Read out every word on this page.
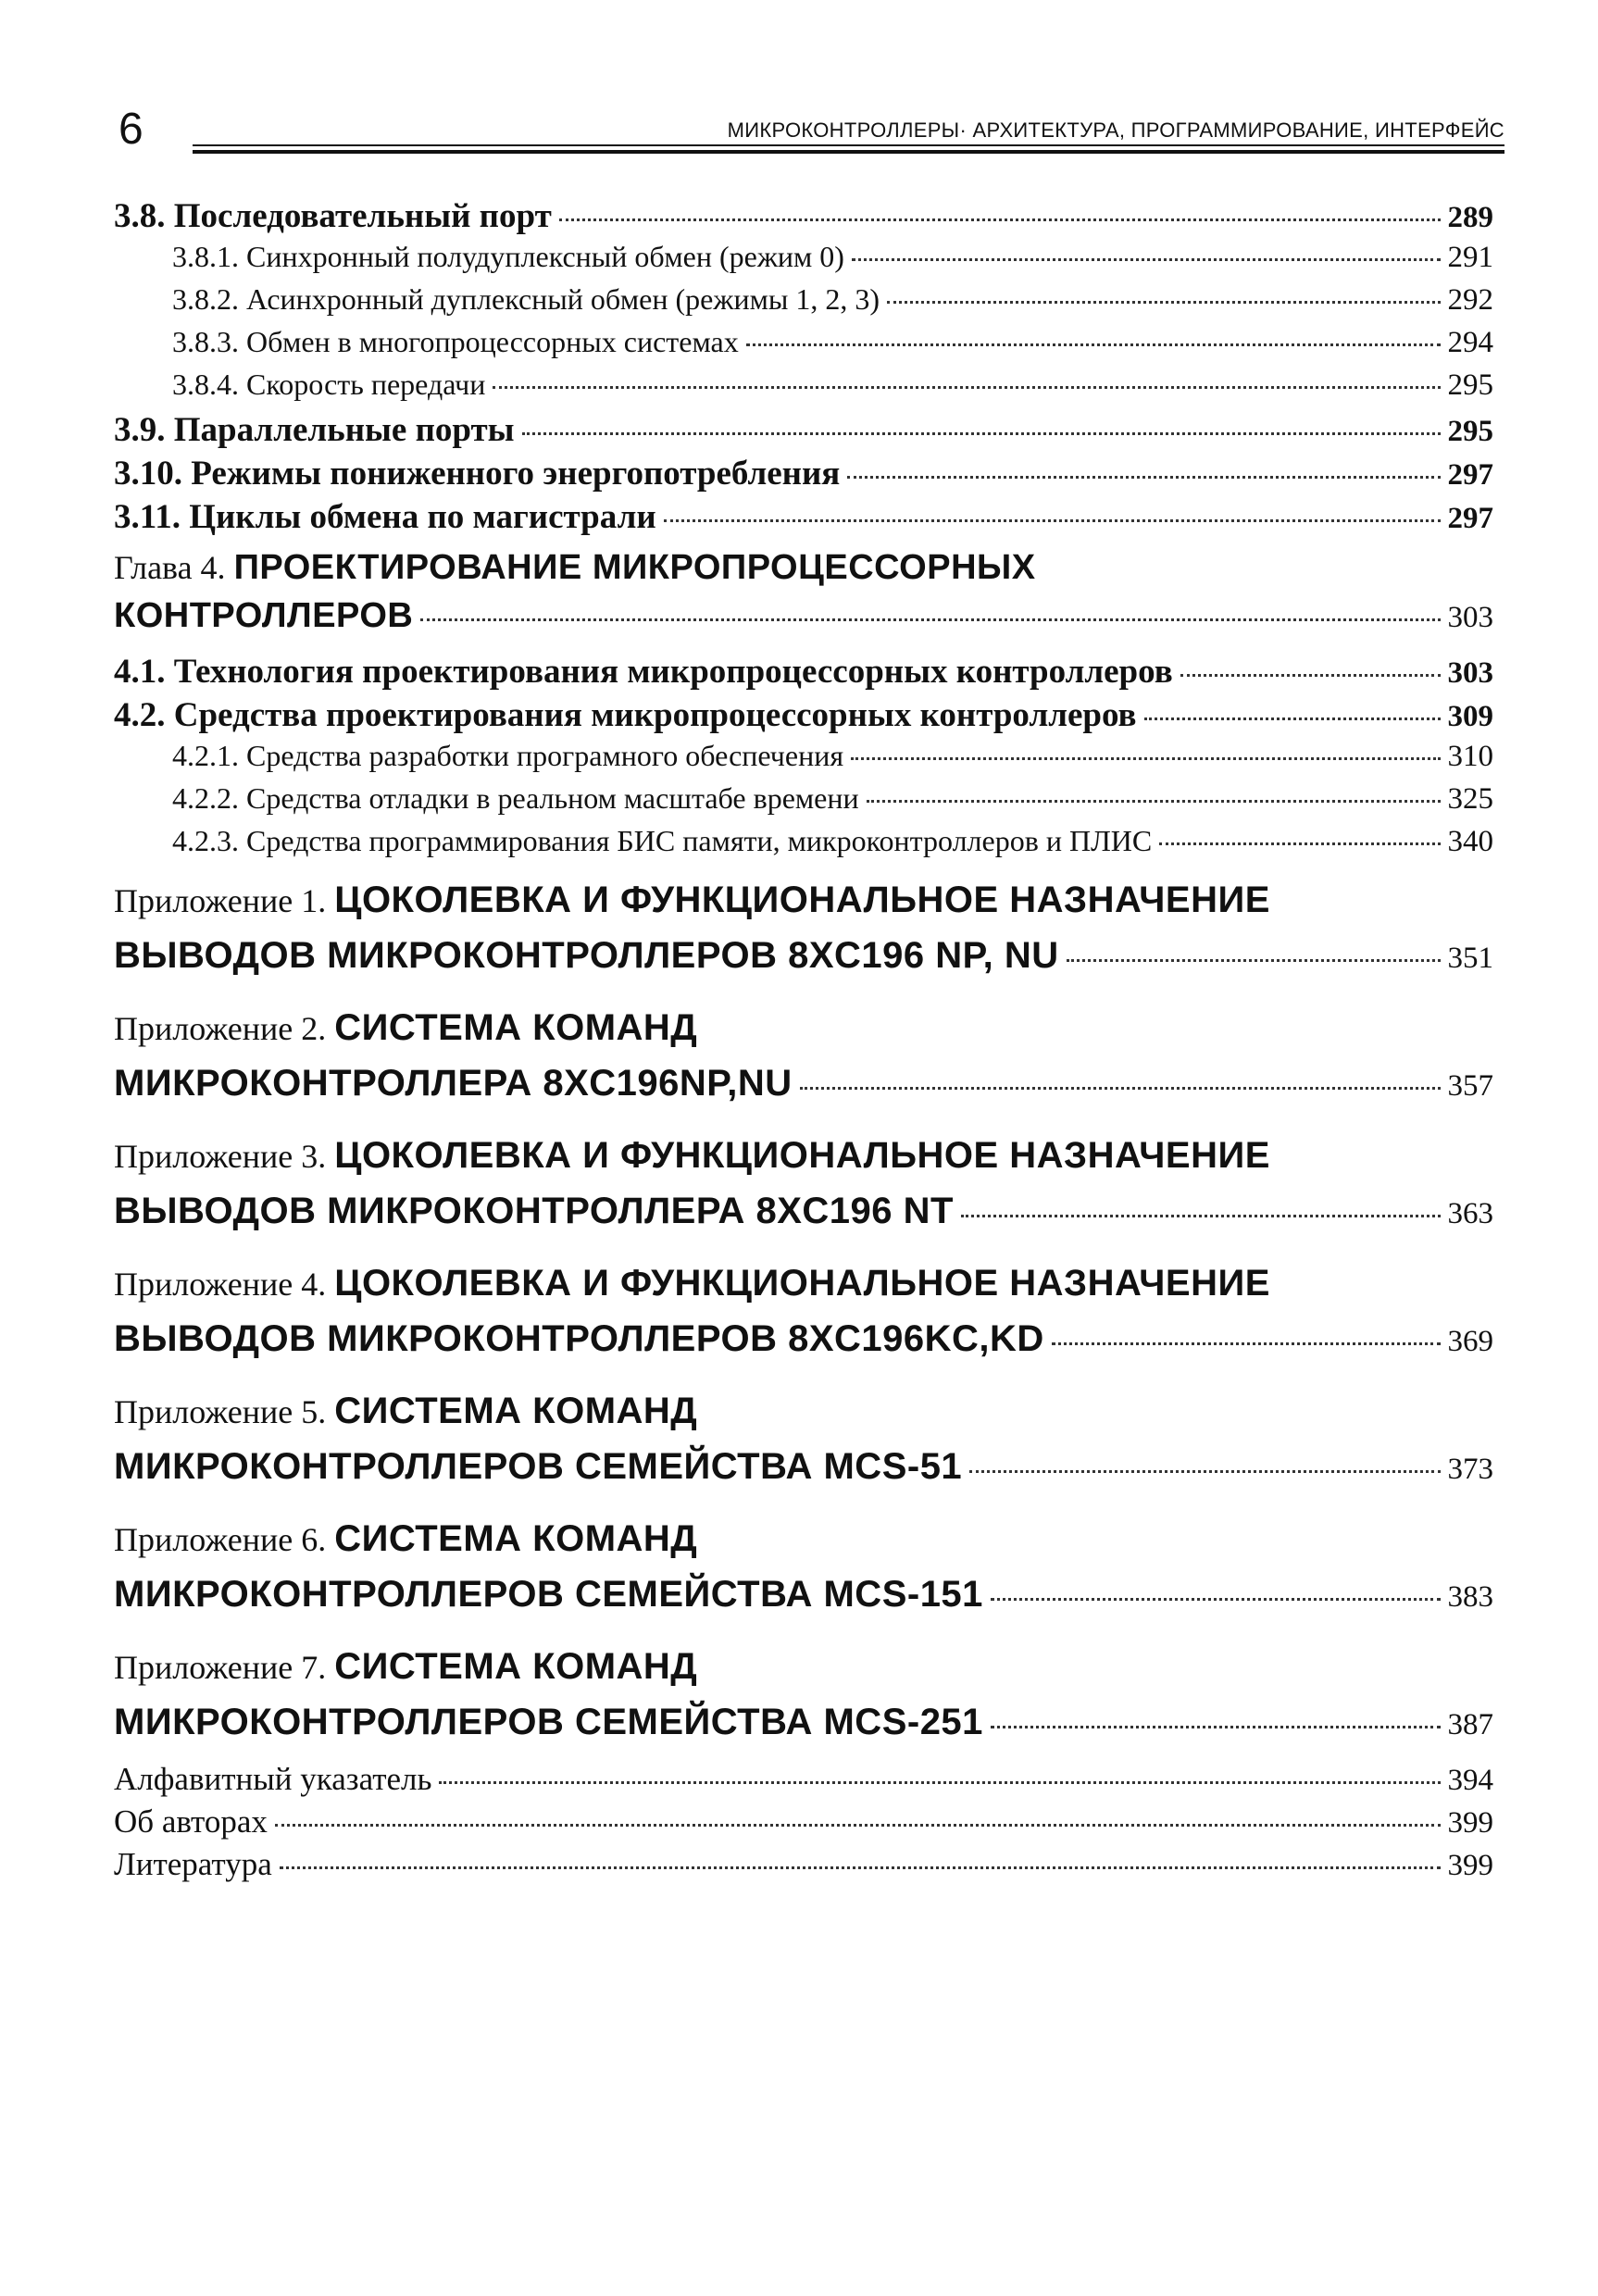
6	МИКРОКОНТРОЛЛЕРЫ· АРХИТЕКТУРА, ПРОГРАММИРОВАНИЕ, ИНТЕРФЕЙС
3.8. Последовательный порт	289
3.8.1. Синхронный полудуплексный обмен (режим 0)	291
3.8.2. Асинхронный дуплексный обмен (режимы 1, 2, 3)	292
3.8.3. Обмен в многопроцессорных системах	294
3.8.4. Скорость передачи	295
3.9. Параллельные порты	295
3.10. Режимы пониженного энергопотребления	297
3.11. Циклы обмена по магистрали	297
Глава 4. ПРОЕКТИРОВАНИЕ МИКРОПРОЦЕССОРНЫХ
КОНТРОЛЛЕРОВ	303
4.1. Технология проектирования микропроцессорных контроллеров	303
4.2. Средства проектирования микропроцессорных контроллеров	309
4.2.1. Средства разработки програмного обеспечения	310
4.2.2. Средства отладки в реальном масштабе времени	325
4.2.3. Средства программирования БИС памяти, микроконтроллеров и ПЛИС	340
Приложение 1. ЦОКОЛЕВКА И ФУНКЦИОНАЛЬНОЕ НАЗНАЧЕНИЕ
ВЫВОДОВ МИКРОКОНТРОЛЛЕРОВ 8XC196 NP, NU	351
Приложение 2. СИСТЕМА КОМАНД
МИКРОКОНТРОЛЛЕРА 8XC196NP,NU	357
Приложение 3. ЦОКОЛЕВКА И ФУНКЦИОНАЛЬНОЕ НАЗНАЧЕНИЕ
ВЫВОДОВ МИКРОКОНТРОЛЛЕРА 8XC196 NT	363
Приложение 4. ЦОКОЛЕВКА И ФУНКЦИОНАЛЬНОЕ НАЗНАЧЕНИЕ
ВЫВОДОВ МИКРОКОНТРОЛЛЕРОВ 8XC196KC,KD	369
Приложение 5. СИСТЕМА КОМАНД
МИКРОКОНТРОЛЛЕРОВ СЕМЕЙСТВА MCS-51	373
Приложение 6. СИСТЕМА КОМАНД
МИКРОКОНТРОЛЛЕРОВ СЕМЕЙСТВА MCS-151	383
Приложение 7. СИСТЕМА КОМАНД
МИКРОКОНТРОЛЛЕРОВ СЕМЕЙСТВА MCS-251	387
Алфавитный указатель	394
Об авторах	399
Литература	399
